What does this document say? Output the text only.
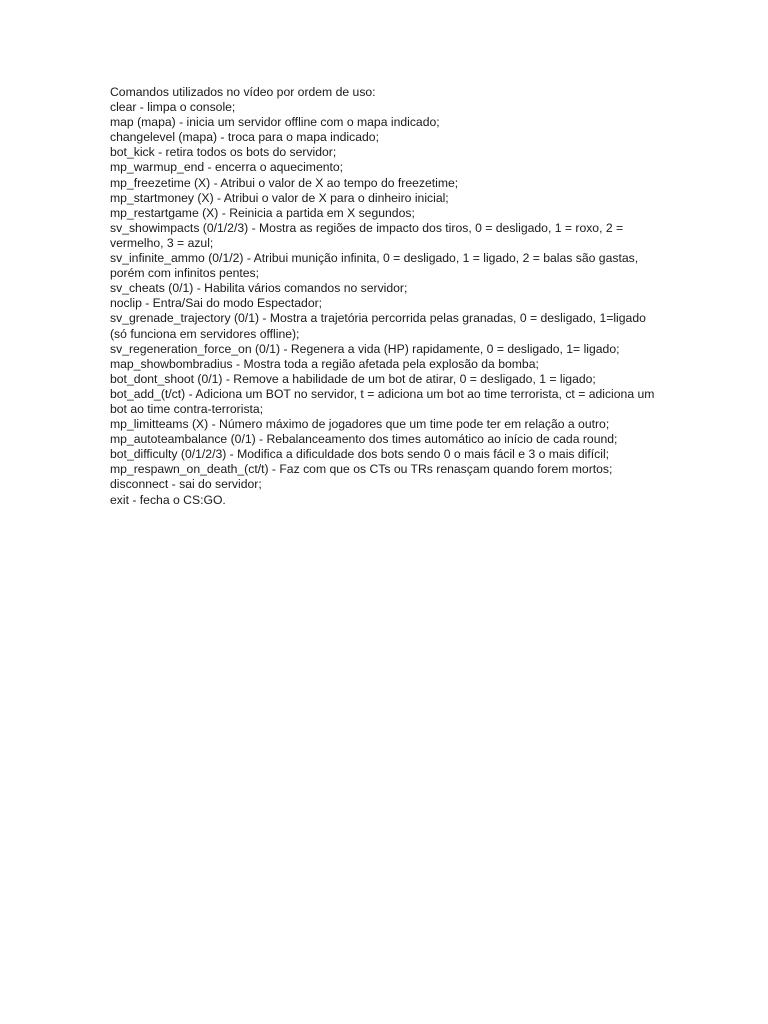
Comandos utilizados no vídeo por ordem de uso:

clear - limpa o console;

map (mapa) - inicia um servidor offline com o mapa indicado;

changelevel (mapa) - troca para o mapa indicado;

bot_kick - retira todos os bots do servidor;

mp_warmup_end - encerra o aquecimento;

mp_freezetime (X) - Atribui o valor de X ao tempo do freezetime;

mp_startmoney (X) - Atribui o valor de X para o dinheiro inicial;

mp_restartgame (X) - Reinicia a partida em X segundos;

sv_showimpacts (0/1/2/3) - Mostra as regiões de impacto dos tiros, 0 = desligado, 1 = roxo, 2 = vermelho, 3 = azul;

sv_infinite_ammo (0/1/2) - Atribui munição infinita, 0 = desligado, 1 = ligado, 2 = balas são gastas, porém com infinitos pentes;

sv_cheats (0/1) - Habilita vários comandos no servidor;

noclip - Entra/Sai do modo Espectador;

sv_grenade_trajectory (0/1) - Mostra a trajetória percorrida pelas granadas, 0 = desligado, 1=ligado (só funciona em servidores offline);

sv_regeneration_force_on (0/1) - Regenera a vida (HP) rapidamente, 0 = desligado, 1= ligado;

map_showbombradius - Mostra toda a região afetada pela explosão da bomba;

bot_dont_shoot (0/1) - Remove a habilidade de um bot de atirar, 0 = desligado, 1 = ligado;

bot_add_(t/ct) - Adiciona um BOT no servidor, t = adiciona um bot ao time terrorista, ct = adiciona um bot ao time contra-terrorista;

mp_limitteams (X) - Número máximo de jogadores que um time pode ter em relação a outro;

mp_autoteambalance (0/1) - Rebalanceamento dos times automático ao início de cada round;

bot_difficulty (0/1/2/3) - Modifica a dificuldade dos bots sendo 0 o mais fácil e 3 o mais difícil;

mp_respawn_on_death_(ct/t) - Faz com que os CTs ou TRs renasçam quando forem mortos;

disconnect - sai do servidor;

exit - fecha o CS:GO.
